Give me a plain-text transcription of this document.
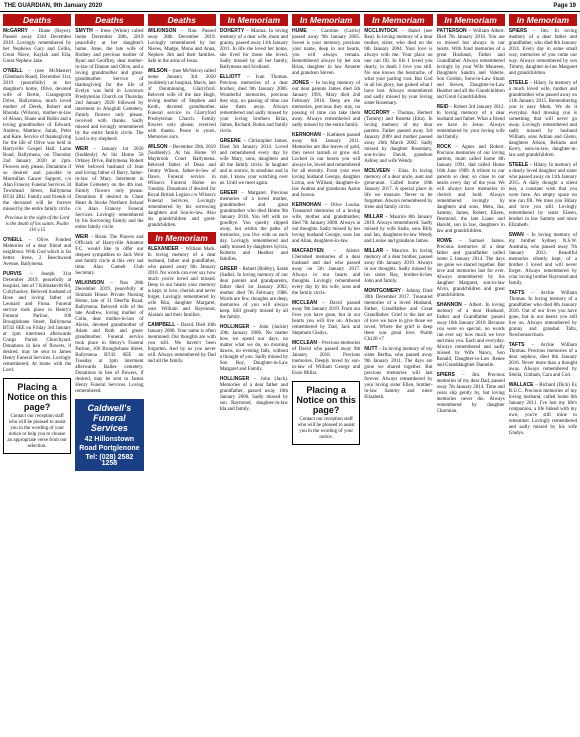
THE GUARDIAN, 9th January 2020	Page 19
Deaths
McGARRY – Diane (Reyes). Passed away 23rd December 2019. Lovingly remembered by her Nephews Gary and Cellin, Great Niece, Kaylah and Ella, Great Nephew Jake.
O'NEILL – (nee McMaster) (Glenbush Road). December 31st, 2019 (peacefully) at her daughter's home, Olive, devoted wife of Bertie, Grangegorm Drive, Ballymena, much loved mother of Derek, Robert and Rhonda (Wilson), mother-in-law of Alison, Shane and Robin and a loving grandmother of Edward, Andrew, Matthew, Sarah, Peter and Kate. Service of thanksgiving for the life of Olive was held in Harryville Gospel Hall, Larne Road, Ballymena, on Thursday 2nd January 2020 at 2pm. Flowers only please. Donations if so desired and payable to Macmillan Cancer Support, c/o Alan Francey Funeral Services 34 Townhead Street, Ballymena BT42 2BU. Family and friends of the deceased will be forever missed by the entire family circle.
Precious in the sight of the Lord is the death of his saints. Psalm 116 v.15
O'NEILL – Olive. Fondest Memories of a dear friend and neighbour. With God which is far better. Irene, 2 Beechwood Avenue, Ballymena.
PURVIS – Joseph 31st December 2019, peacefully at hospital, late of 7 Kilmakevitt Rd, Cullybackey. Beloved husband of Rose and loving father of Leonard and Fiona. Funeral service took place in Henry's Funeral Parlour, 100 Broughshane Street, Ballymena BT43 6EE on Friday 3rd January at 1pm interment afterwards Craigs Parish Churchyard. Donations in lieu of flowers, if desired, may be sent to James Henry Funeral Services. Lovingly remembered. At home with the Lord.
Placing a Notice on this page?

Contact our reception staff who will be pleased to assist you in the wording of your notice or help you to choose an appropriate verse from our selection.

Deaths
SMYTH – Irene (White) called home December 28th, 2019 peacefully at her daughter's home. Irene, the late wife of Rodney and precious mother of Ryan and Geoffrey, dear mother-in-law of Dianne and Olive, and a loving grandmother and great-grandmother. Service of thanksgiving for the life of Evelyn was held in Lowtown Presbyterian Church on Thursday 2nd January 2020 followed by interment in Ahoghill Cemetery. Family flowers only please, received with thanks. Sadly missed and lovingly remembered by the entire family circle. The Lord is my shepherd.
WEIR – January 1st 2020 (Suddenly) At his Home 50 Orkney Drive, Ballymena. Robert Weir beloved husband of Jean and loving father of Barry, father-in-law of Mary. Interment in Ballee Cemetery on the 4th inst. Family flowers only please. Donations if desired to Chest Heart & Stroke Northern Ireland c/o Alan Francey Funeral Services. Lovingly remembered by his Sorrowing Family and the entire family circle.
WEIR – Brian. The Players and Officials of Harryville Amateur F.C. would like to offer our deepest sympathies to Jack Weir and family circle at this very sad time. Alan Gamelt Club Secretary.
WILKINSON – Nan 28th December 2019, peacefully at Sinimah House Private Nursing Home, late of 31 Deerfin Road, Ballymena. Beloved wife of the late Andrew, loving mother of Colin, dear mother-in-law of Alexis, devoted grandmother of Adam and Ruth and great-grandmother. Funeral service took place in Henry's Funeral Parlour, 100 Broughshane Street, Ballymena BT43 6EE on Tuesday at 1pm interment afterwards Ballee cemetery. Donations in lieu of flowers, if desired, may be sent to James Henry Funeral Services. Loving remembered.
Caldwell's Funeral Services
42 Hillonstown Road Portglenone
Tel: (028) 2582 1258
Deaths
WILKINSON – Nan. Passed away 28th December 2019. Lovingly remembered by her Nieces, Madge, Mona and Anna, Nephew Jim and their families. Safe in the arms of Jesus.
WILSON – (nee McNeice) called home January 3rd 2020 (suddenly) at hospital, Mavis, late of Dunminning, Glarryford. Beloved wife of the late Hugh, loving mother of Stephen and Keith, devoted grandmother. Funeral service in Glarryford Presbyterian Church. Family flowers only please, received with thanks. Peace is yours, Memories ours.
WILSON – December 29th, 2019 (Suddenly). At his Home 10 Maybrook Court Ballymena. Beloved father of Dean and Jimmy Wilson, father-in-law of Dawn. Funeral service in Wilson's Funeral Home on Tuesday. Donations if desired for Royal British Legion c/o Wilson's Funeral Services. Lovingly remembered by his sorrowing daughters and Son-in-law. Also his grandchildren and great-grandchildren.
In Memoriam
ALEXANDER – William Mark. In loving memory of a dear husband, father and grandfather, who passed away 6th January 2010. No words can ever say how much you're loved and missed. Deep in our hearts your memory is kept, to love, cherish and never forget. Lovingly remembered by wife Rita, daughter Margaret, sons William and Raymond, Alastair and their families.
CAMPBELL – David. Died 10th January 2008. Your name is often mentioned. Our thoughts are with you still. We haven't been forgotten. And by us you never will. Always remembered by Dad and all the family.
In Memoriam
DOHERTY – Marina. In loving memory of a dear wife, mum and granny, passed away 11th January 2011. In life she loved her home, she lived for those she loved. Sadly missed by all her family, Ballymena and Scotland.
ELLIOTT – Ivan Thomas. Precious memories of a dear brother, died 9th January 2006. Wonderful memories, precious they stay, no passing of time can take them away. Always remembered and sadly missed by your loving brothers Brian, James, Richard, Robin and family circle.
GREENE – Christopher James. Died 5th January 2014. Loved and remembered every day by wife Mary, sons, daughters and all the family circle. In laughter and in sorrow, in sunshine and in rain, I know your watching over us. Until we meet again.
GREER – Margaret. Precious memories of a loved mother, grandmother and great grandmother who died Home 9th January 2018. You left with no goodbye. You quietly slipped away, but within the paths of memories, you live with us each day. Lovingly remembered and sadly missed by daughters Sylvia, Roberta and Heather and families.
GREER – Robert (Bobby), Sarah (Sadie). In loving memory of our dear parents and grandparents, father died 1st January 2002, mother died 7th February 1988. Words are few, thoughts are deep, memories of you will always keep. Still greatly missed by all the family.
HOLLINGER – John (Jackie) 10th January 2006. No matter how we spend our days, no matter what we do, no morning dawns, no evening falls, without a thought of you. Sadly missed by Son Roy, Daughter-in-Law Margaret and Family.
HOLLINGER – John (Jack). Memories of a dear father and grandfather, passed away 10th January 2006. Sadly missed by son Raymond, daughter-in-law Ida and family.
In Memoriam
HUME – Caroline (Carrie) passed away 9th January 2005. Sweet is your memory, precious your name, deep in our hearts, you will always remain. Remembered always by her son Brian, daughter in law Annette and grandson Steven.
JONES – In loving memory of our dear parents James died 5th January 1991, Mary died 2nd February 2016. Deep are the memories, precious they stay, no passing of time can take them away. Always remembered and sadly missed by the entire family.
KERNOHAN – Kathleen passed away 6th January 2011. Memories are like leaves of gold, they never tarnish or grow old. Locked in our hearts you will always be, loved and remembered for all eternity. From your ever loving husband George, daughter Lorna, son William, daughter-in-law Andrea and grandsons Aaron and Jaxson.
KERNOHAN – Olive Louisa. Treasured memories of a loving wife, mother and grandmother, died 7th January 2000. Always in our thoughts. Sadly missed by her loving husband George, sons Ian and Allan, daughters-in-law.
MACFADYEN – Alister. Cherished memories of a dear husband and dad who passed away on 5th January 2017. Always in our hearts and thoughts. Lovingly remembered every day by his wife, sons and the family circle.
MCCLEAN – David passed away 9th January 2019. From our lives you have gone, but in our hearts you will live on. Always remembered by Dad, Jack and Stepmum Gladys.
MCCLEAN – Precious memories of David who passed away 9th January 2018. Precious memories. Deeply loved by son-in-law of William George and Essie Millar.
Placing a Notice on this page?

Contact our reception staff who will be pleased to assist you in the wording of your notice.

In Memoriam
MCCLINTOCK – Hazel (nee Rea). In loving memory of a dear mother, sister, who died on the 6th January 2004. Your love is always with me. Your place no one can fill. In life I loved you dearly, in death I love you still. No one knows the heartache, of what your parting cost. But God in all his glory, has gained what I have lost. Always remembered and sadly missed by your loving sister Rosemary.
MCCRORY – Thomas, Herbert (Tommy) and Rosetta (Etta). In loving memory of my dear parents. Father passed away 3rd January 2009 and mother passed away 26th March 2002. Sadly missed by daughter Rosemary, son-in-law David, grandson Ashley and wife Wendy.
MCILVEEN – Elias. In loving memory of a dear uncle, aunt and great-aunt. Called home 10th January 2017. A special place in life we treasure. Never to be forgotten. Always remembered by Irene and family circle.
MILLAR – Maurice 8th January 2019. Always remembered. Sadly missed by wife Sadie, sons Billy and Ian, daughters-in-law Wendy and Louise and grandson James.
MILLAR – Maurice. In loving memory of a dear brother, passed away 8th January 2019. Always in our thoughts. Sadly missed by his sister Ray, brother-in-law John and family.
MONTGOMERY – Johnny. Died 30th December 2017. Treasured memories of a loved Husband, Father, Grandfather and Great Grandfather. Grief is the last act of love we have to give those we loved. Where the grief is deep there was great love. Psalm Ch128 v7
NUTT – In loving memory of my sister Bertha, who passed away 9th January 2011. The days are gone we shared together. But precious memories will last forever. Always remembered by your loving sister Ellen, brother-in-law Sammy and niece Elizabeth.
In Memoriam
PATTERSON – William Albert. Died 7th January 2016. You are so missed but always in our hearts. With fond memories of a great Husband, Father and Grandfather. Always remembered lovingly by your Wife Maureen, Daughters Sandra and Valerie, Son Gordon, Sons-in-Law Stuart and Steven, Daughter-in-Law Heather and all the Grandchildren and Great Grandchildren.
REID – Robert 3rd January 2012. In loving memory of a dear husband and father. What a friend we have in Jesus. Always remembered by your loving wife and family.
ROCK – Agnes and Robert. Precious memories of our loving parents, mum called home 8th January 1991, dad called Home 16th June 1989. A tribute to our parents so dear, so close to our hearts every day of the year. We will always have memories to cherish and hold. Always remembered lovingly by daughters and sons, Meta, Ina, Sammy, James, Robert, Eileen, Desmond, the late Liane and Harold, son in law, daughters in law and grandchildren.
ROWE – Samuel James. Precious memories of a dear father and grandfather called home 5 January 2014. The days are gone we shared together. But love and memories last for ever. Always remembered by his daughter Margaret, son-in-law Alvin, grandchildren and great grandchildren.
SHANNON – Albert. In loving memory of a dear Husband, Father and Grandfather passed away 10th January 2010. Because you were so special, no words can ever say how much we love and miss you. Each and everyday. Always remembered and sadly missed by Wife Nancy, Son Ronald, Daughter-in-Law Renee and Granddaughter Danielle.
SPIERS – Jim. Precious memories of my dear Dad, passed away 7th January 2014. Time and years slip gently by, but loving memories never die. Always remembered by daughter Charmian.
In Memoriam
SPIERS – Jim. In loving memory of a dear father and grandfather, who died 8th January 2014. Every day in some small way, memories of you come our way. Always remembered by son Timmy, daughter-in-law Margaret and grandchildren.
STEELE – Hilary. In memory of a much loved wife, mother and grandmother who passed away on 11th January 2015. Remembering you is easy Mum, We do it everyday. And missing you is something that will never go away. Lovingly remembered and sadly missed by husband William, sons Adrian and Glenn, daughters Alison, Belinda and Kerry, sons-in-law, daughter-in-law and grandchildren.
STEELE – Hilary. In memory of a dearly loved daughter and sister who passed away on 11th January 2015. A daily thought a silent tear, a constant wish that you were here. An empty space no one can fill. We miss you Hilary and love you still. Lovingly remembered by sister Eileen, brother in law Sammy and niece Elizabeth.
SWAN – In loving memory of my brother Sydney N.S.W. Australia, who passed away 7th January 2013. Beautiful memories silently kept, of a brother I loved and will never forget. Always remembered by your loving brother Raymond and family.
TAFTS – Archie William Thomas. In loving memory of a grandfather who died 8th January 2016. Out of our lives you have gone, but in our hearts you still live on. Always remembered by granny and grandad Tafts, Newbonsorcharn.
TAFTS – Archie William Thomas. Precious memories of a dear nephew, died 8th January 2016. Never more than a thought away. Always remembered by Sheila, Graham, Cara and Cori.
WALLACE – Richard (Dick) Ex R.U.C. Precious memories of my loving husband, called home 6th January 2011. I've lost my life's companion, a life linked with my own, you're still mine to remember. Lovingly remembered and sadly missed by his wife Gladys.
